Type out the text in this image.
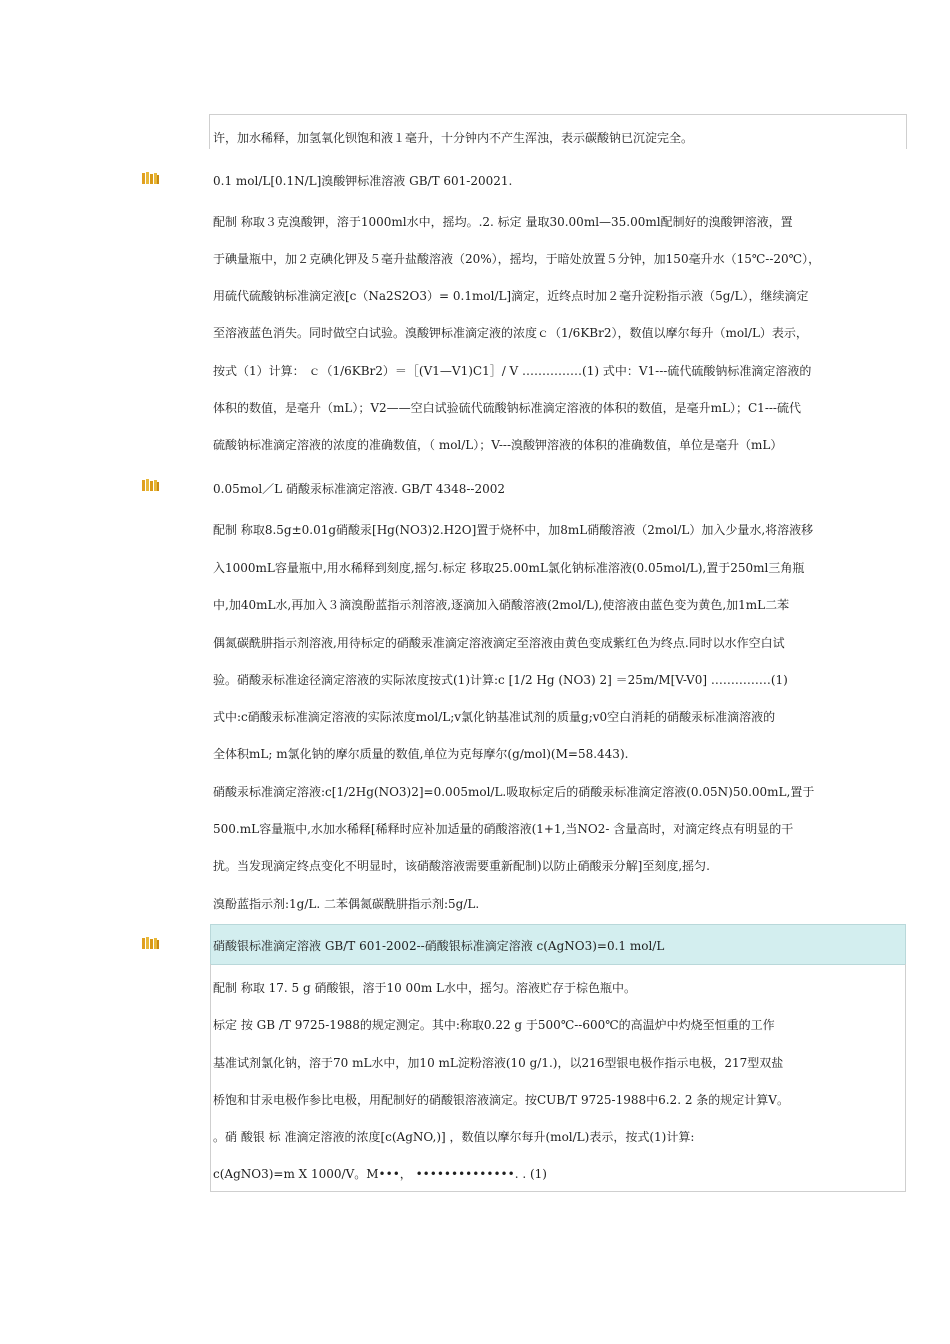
许，加水稀释，加氢氧化钡饱和液１毫升，十分钟内不产生浑浊，表示碳酸钠已沉淀完全。
0.1 mol/L[0.1N/L]溴酸钾标准溶液 GB/T 601-20021.
配制 称取３克溴酸钾，溶于1000ml水中，摇均。.2. 标定 量取30.00ml—35.00ml配制好的溴酸钾溶液，置
于碘量瓶中，加２克碘化钾及５毫升盐酸溶液（20%），摇均，于暗处放置５分钟，加150毫升水（15℃--20℃），
用硫代硫酸钠标准滴定液[c（Na2S2O3）= 0.1mol/L]滴定，近终点时加２毫升淀粉指示液（5g/L），继续滴定
至溶液蓝色消失。同时做空白试验。溴酸钾标准滴定液的浓度ｃ（1/6KBr2），数值以摩尔每升（mol/L）表示，
按式（1）计算： ｃ（1/6KBr2）＝［(V1—V1)C1］/ V ……………(1) 式中：V1---硫代硫酸钠标准滴定溶液的
体积的数值，是毫升（mL）；V2——空白试验硫代硫酸钠标准滴定溶液的体积的数值，是毫升mL）；C1---硫代
硫酸钠标准滴定溶液的浓度的准确数值，（ mol/L）；V---溴酸钾溶液的体积的准确数值，单位是毫升（mL）
0.05mol／L 硝酸汞标准滴定溶液. GB/T 4348--2002
配制 称取8.5g±0.01g硝酸汞[Hg(NO3)2.H2O]置于烧杯中，加8mL硝酸溶液（2mol/L）加入少量水,将溶液移
入1000mL容量瓶中,用水稀释到刻度,摇匀.标定 移取25.00mL氯化钠标准溶液(0.05mol/L),置于250ml三角瓶
中,加40mL水,再加入３滴溴酚蓝指示剂溶液,逐滴加入硝酸溶液(2mol/L),使溶液由蓝色变为黄色,加1mL二苯
偶氮碳酰肼指示剂溶液,用待标定的硝酸汞准滴定溶液滴定至溶液由黄色变成紫红色为终点.同时以水作空白试
验。硝酸汞标准途径滴定溶液的实际浓度按式(1)计算:c [1/2 Hg (NO3) 2] ＝25m/M[V-V0] ……………(1)
式中:c硝酸汞标准滴定溶液的实际浓度mol/L;v氯化钠基准试剂的质量g;v0空白消耗的硝酸汞标准滴溶液的
全体积mL; m氯化钠的摩尔质量的数值,单位为克每摩尔(g/mol)(M=58.443).
硝酸汞标准滴定溶液:c[1/2Hg(NO3)2]=0.005mol/L.吸取标定后的硝酸汞标准滴定溶液(0.05N)50.00mL,置于
500.mL容量瓶中,水加水稀释[稀释时应补加适量的硝酸溶液(1+1,当NO2- 含量高时，对滴定终点有明显的干
扰。当发现滴定终点变化不明显时，该硝酸溶液需要重新配制)以防止硝酸汞分解]至刻度,摇匀.
溴酚蓝指示剂:1g/L. 二苯偶氮碳酰肼指示剂:5g/L.
硝酸银标准滴定溶液 GB/T 601-2002--硝酸银标准滴定溶液 c(AgNO3)=0.1 mol/L
配制 称取 17. 5 g 硝酸银，溶于10 00m L水中，摇匀。溶液贮存于棕色瓶中。
标定 按 GB /T 9725-1988的规定测定。其中:称取0.22 g 于500℃--600℃的高温炉中灼烧至恒重的工作
基准试剂氯化钠，溶于70 mL水中，加10 mL淀粉溶液(10 g/1.)，以216型银电极作指示电极，217型双盐
桥饱和甘汞电极作参比电极，用配制好的硝酸银溶液滴定。按CUB/T 9725-1988中6.2. 2 条的规定计算V。
。硝 酸银 标 准滴定溶液的浓度[c(AgNO,)] ，数值以摩尔每升(mol/L)表示，按式(1)计算:
c(AgNO3)=m X 1000/V。M•••， ••••••••••••••. . (1)
